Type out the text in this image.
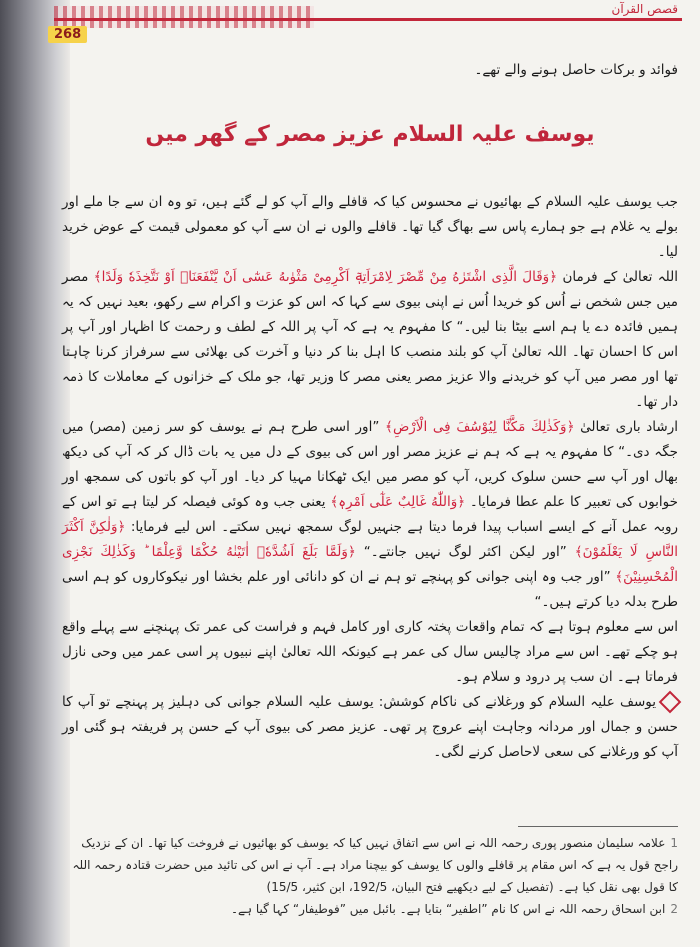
قصص القرآن
268
فوائد و برکات حاصل ہونے والے تھے۔
یوسف علیہ السلام عزیز مصر کے گھر میں
جب یوسف علیہ السلام کے بھائیوں نے محسوس کیا کہ قافلے والے آپ کو لے گئے ہیں، تو وہ ان سے جا ملے اور بولے یہ غلام ہے جو ہمارے پاس سے بھاگ گیا تھا۔ قافلے والوں نے ان سے آپ کو معمولی قیمت کے عوض خرید لیا۔
اللہ تعالیٰ کے فرمان ﴿وَقَالَ الَّذِی اشْتَرٰهُ مِنْ مِّصْرَ لِامْرَاَتِهٖٓ اَكْرِمِیْ مَثْوٰىهُ عَسٰٓى اَنْ یَّنْفَعَنَاۤ اَوْ نَتَّخِذَهٗ وَلَدًا﴾ مصر میں جس شخص نے اُس کو خریدا اُس نے اپنی بیوی سے کہا کہ اس کو عزت و اکرام سے رکھو، بعید نہیں کہ یہ ہمیں فائدہ دے یا ہم اسے بیٹا بنا لیں۔“ کا مفہوم یہ ہے کہ آپ پر اللہ کے لطف و رحمت کا اظہار اور آپ پر اس کا احسان تھا۔ اللہ تعالیٰ آپ کو بلند منصب کا اہل بنا کر دنیا و آخرت کی بھلائی سے سرفراز کرنا چاہتا تھا اور مصر میں آپ کو خریدنے والا عزیز مصر یعنی مصر کا وزیر تھا، جو ملک کے خزانوں کے معاملات کا ذمہ دار تھا۔
ارشاد باری تعالیٰ ﴿وَكَذٰلِكَ مَكَّنَّا لِیُوْسُفَ فِی الْاَرْضِ﴾ ”اور اسی طرح ہم نے یوسف کو سر زمین (مصر) میں جگہ دی۔“ کا مفہوم یہ ہے کہ ہم نے عزیز مصر اور اس کی بیوی کے دل میں یہ بات ڈال کر کہ آپ کی دیکھ بھال اور آپ سے حسن سلوک کریں، آپ کو مصر میں ایک ٹھکانا مہیا کر دیا۔ اور آپ کو باتوں کی سمجھ اور خوابوں کی تعبیر کا علم عطا فرمایا۔ ﴿وَاللّٰهُ غَالِبٌ عَلٰٓى اَمْرِهٖ﴾ یعنی جب وہ کوئی فیصلہ کر لیتا ہے تو اس کے روبہ عمل آنے کے ایسے اسباب پیدا فرما دیتا ہے جنہیں لوگ سمجھ نہیں سکتے۔ اس لیے فرمایا: ﴿وَلٰكِنَّ اَكْثَرَ النَّاسِ لَا یَعْلَمُوْنَ﴾ ”اور لیکن اکثر لوگ نہیں جانتے۔“ ﴿وَلَمَّا بَلَغَ اَشُدَّهٗۤ اٰتَیْنٰهُ حُكْمًا وَّعِلْمًا ؕ وَكَذٰلِكَ نَجْزِی الْمُحْسِنِیْنَ﴾ ”اور جب وہ اپنی جوانی کو پہنچے تو ہم نے ان کو دانائی اور علم بخشا اور نیکوکاروں کو ہم اسی طرح بدلہ دیا کرتے ہیں۔“
اس سے معلوم ہوتا ہے کہ تمام واقعات پختہ کاری اور کامل فہم و فراست کی عمر تک پہنچنے سے پہلے واقع ہو چکے تھے۔ اس سے مراد چالیس سال کی عمر ہے کیونکہ اللہ تعالیٰ اپنے نبیوں پر اسی عمر میں وحی نازل فرماتا ہے۔ ان سب پر درود و سلام ہو۔
یوسف علیہ السلام کو ورغلانے کی ناکام کوشش: یوسف علیہ السلام جوانی کی دہلیز پر پہنچے تو آپ کا حسن و جمال اور مردانہ وجاہت اپنے عروج پر تھی۔ عزیز مصر کی بیوی آپ کے حسن پر فریفتہ ہو گئی اور آپ کو ورغلانے کی سعی لاحاصل کرنے لگی۔
1علامہ سلیمان منصور پوری رحمہ اللہ نے اس سے اتفاق نہیں کیا کہ یوسف کو بھائیوں نے فروخت کیا تھا۔ ان کے نزدیک راجح قول یہ ہے کہ اس مقام پر قافلے والوں کا یوسف کو بیچنا مراد ہے۔ آپ نے اس کی تائید میں حضرت قتادہ رحمہ اللہ کا قول بھی نقل کیا ہے۔ (تفصیل کے لیے دیکھیے فتح البیان، 192/5، ابن کثیر، 15/5)
2ابن اسحاق رحمہ اللہ نے اس کا نام ”اطفیر“ بتایا ہے۔ بائبل میں ”فوطیفار“ کہا گیا ہے۔
